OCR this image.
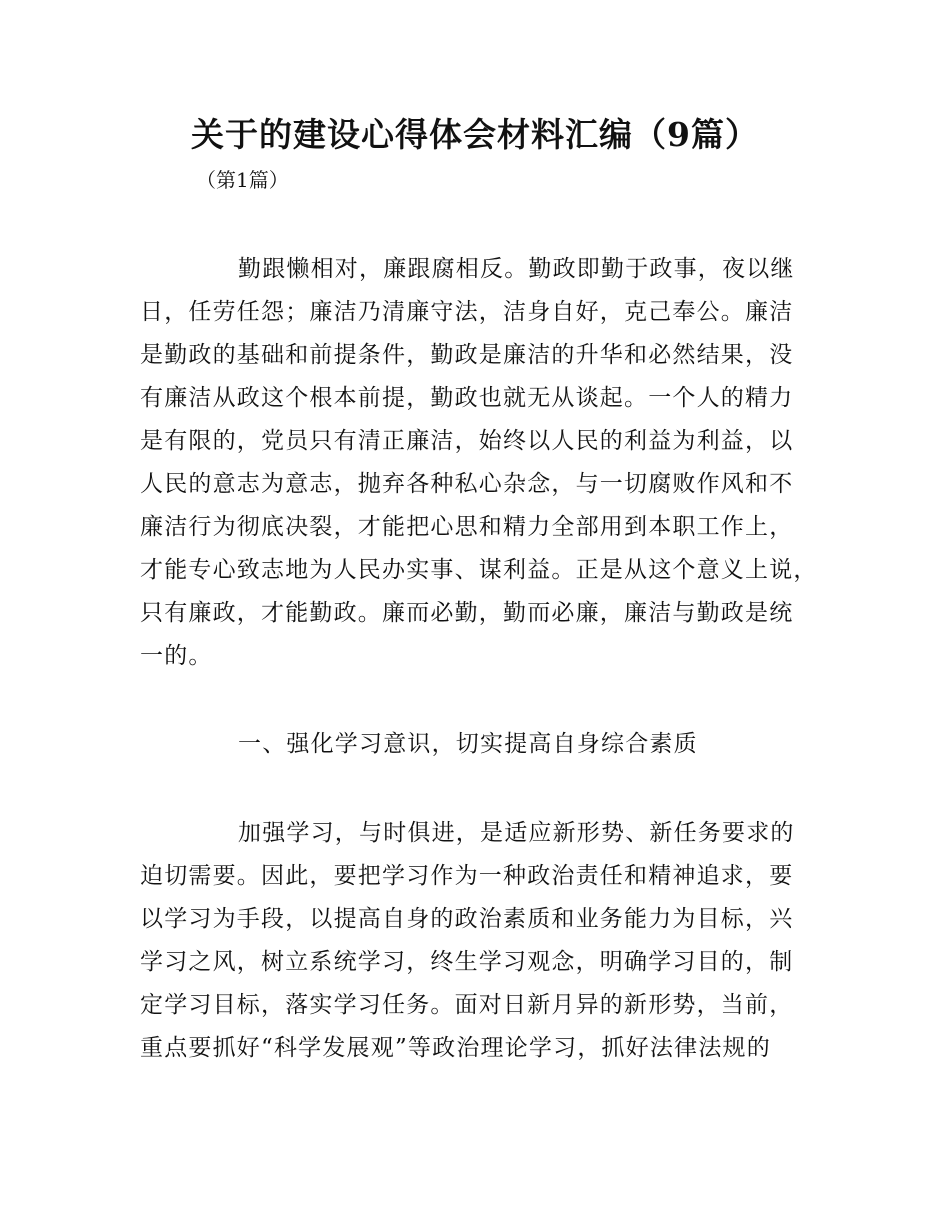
关于的建设心得体会材料汇编（9篇）

（第1篇）

勤跟懒相对，廉跟腐相反。勤政即勤于政事，夜以继
日，任劳任怨；廉洁乃清廉守法，洁身自好，克己奉公。廉洁
是勤政的基础和前提条件，勤政是廉洁的升华和必然结果，没
有廉洁从政这个根本前提，勤政也就无从谈起。一个人的精力
是有限的，党员只有清正廉洁，始终以人民的利益为利益，以
人民的意志为意志，抛弃各种私心杂念，与一切腐败作风和不
廉洁行为彻底决裂，才能把心思和精力全部用到本职工作上，
才能专心致志地为人民办实事、谋利益。正是从这个意义上说，
只有廉政，才能勤政。廉而必勤，勤而必廉，廉洁与勤政是统
一的。
一、强化学习意识，切实提高自身综合素质
加强学习，与时俱进，是适应新形势、新任务要求的
迫切需要。因此，要把学习作为一种政治责任和精神追求，要
以学习为手段，以提高自身的政治素质和业务能力为目标，兴
学习之风，树立系统学习，终生学习观念，明确学习目的，制
定学习目标，落实学习任务。面对日新月异的新形势，当前，
重点要抓好“科学发展观”等政治理论学习，抓好法律法规的
